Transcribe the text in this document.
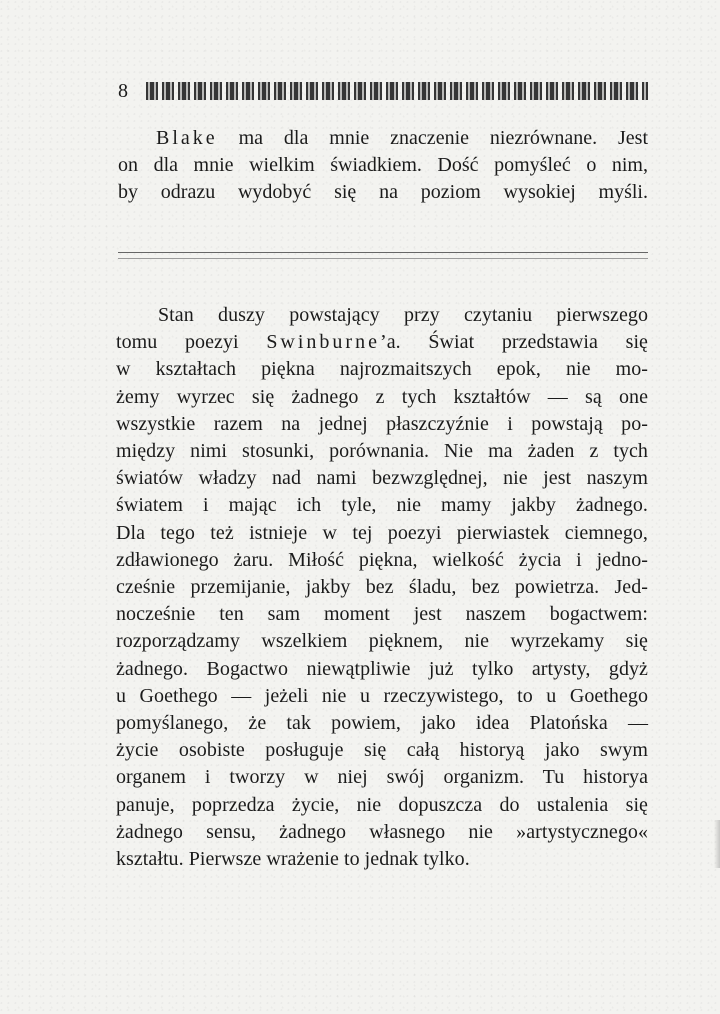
8
Blake ma dla mnie znaczenie niezrównane. Jest
on dla mnie wielkim świadkiem. Dość pomyśleć o nim,
by odrazu wydobyć się na poziom wysokiej myśli.
Stan duszy powstający przy czytaniu pierwszego
tomu poezyi Swinburne’a. Świat przedstawia się
w kształtach piękna najrozmaitszych epok, nie mo-
żemy wyrzec się żadnego z tych kształtów — są one
wszystkie razem na jednej płaszczyźnie i powstają po-
między nimi stosunki, porównania. Nie ma żaden z tych
światów władzy nad nami bezwzględnej, nie jest naszym
światem i mając ich tyle, nie mamy jakby żadnego.
Dla tego też istnieje w tej poezyi pierwiastek ciemnego,
zdławionego żaru. Miłość piękna, wielkość życia i jedno-
cześnie przemijanie, jakby bez śladu, bez powietrza. Jed-
nocześnie ten sam moment jest naszem bogactwem:
rozporządzamy wszelkiem pięknem, nie wyrzekamy się
żadnego. Bogactwo niewątpliwie już tylko artysty, gdyż
u Goethego — jeżeli nie u rzeczywistego, to u Goethego
pomyślanego, że tak powiem, jako idea Platońska —
życie osobiste posługuje się całą historyą jako swym
organem i tworzy w niej swój organizm. Tu historya
panuje, poprzedza życie, nie dopuszcza do ustalenia się
żadnego sensu, żadnego własnego nie »artystycznego«
kształtu. Pierwsze wrażenie to jednak tylko.
